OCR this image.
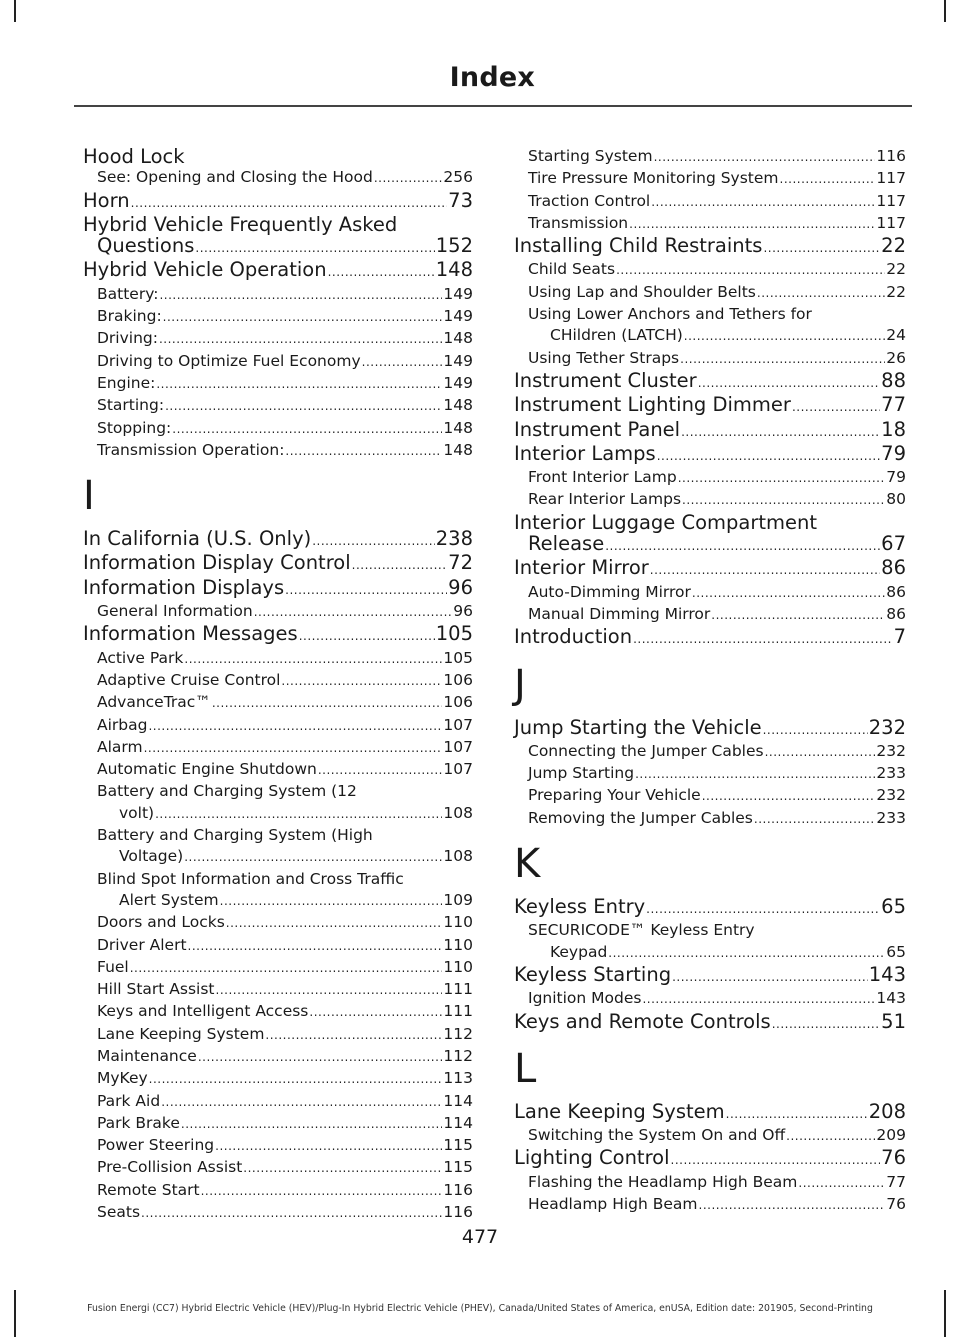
Index
Hood Lock
See: Opening and Closing the Hood .....	256
Horn .....	73
Hybrid Vehicle Frequently Asked
Questions .....	152
Hybrid Vehicle Operation .....	148
Battery: .....	149
Braking: .....	149
Driving: .....	148
Driving to Optimize Fuel Economy .....	149
Engine: .....	149
Starting: .....	148
Stopping: .....	148
Transmission Operation: .....	148
I
In California (U.S. Only) .....	238
Information Display Control .....	72
Information Displays .....	96
General Information .....	96
Information Messages .....	105
Active Park .....	105
Adaptive Cruise Control .....	106
AdvanceTrac™ .....	106
Airbag .....	107
Alarm .....	107
Automatic Engine Shutdown .....	107
Battery and Charging System (12
volt) .....	108
Battery and Charging System (High
Voltage) .....	108
Blind Spot Information and Cross Traffic
Alert System .....	109
Doors and Locks .....	110
Driver Alert .....	110
Fuel .....	110
Hill Start Assist .....	111
Keys and Intelligent Access .....	111
Lane Keeping System .....	112
Maintenance .....	112
MyKey .....	113
Park Aid .....	114
Park Brake .....	114
Power Steering .....	115
Pre-Collision Assist .....	115
Remote Start .....	116
Seats .....	116
Starting System .....	116
Tire Pressure Monitoring System .....	117
Traction Control .....	117
Transmission .....	117
Installing Child Restraints .....	22
Child Seats .....	22
Using Lap and Shoulder Belts .....	22
Using Lower Anchors and Tethers for
CHildren (LATCH) .....	24
Using Tether Straps .....	26
Instrument Cluster .....	88
Instrument Lighting Dimmer .....	77
Instrument Panel .....	18
Interior Lamps .....	79
Front Interior Lamp .....	79
Rear Interior Lamps .....	80
Interior Luggage Compartment
Release .....	67
Interior Mirror .....	86
Auto-Dimming Mirror .....	86
Manual Dimming Mirror .....	86
Introduction .....	7
J
Jump Starting the Vehicle .....	232
Connecting the Jumper Cables .....	232
Jump Starting .....	233
Preparing Your Vehicle .....	232
Removing the Jumper Cables .....	233
K
Keyless Entry .....	65
SECURICODE™ Keyless Entry
Keypad .....	65
Keyless Starting .....	143
Ignition Modes .....	143
Keys and Remote Controls .....	51
L
Lane Keeping System .....	208
Switching the System On and Off .....	209
Lighting Control .....	76
Flashing the Headlamp High Beam .....	77
Headlamp High Beam .....	76
477
Fusion Energi (CC7) Hybrid Electric Vehicle (HEV)/Plug-In Hybrid Electric Vehicle (PHEV), Canada/United States of America, enUSA, Edition date: 201905, Second-Printing
